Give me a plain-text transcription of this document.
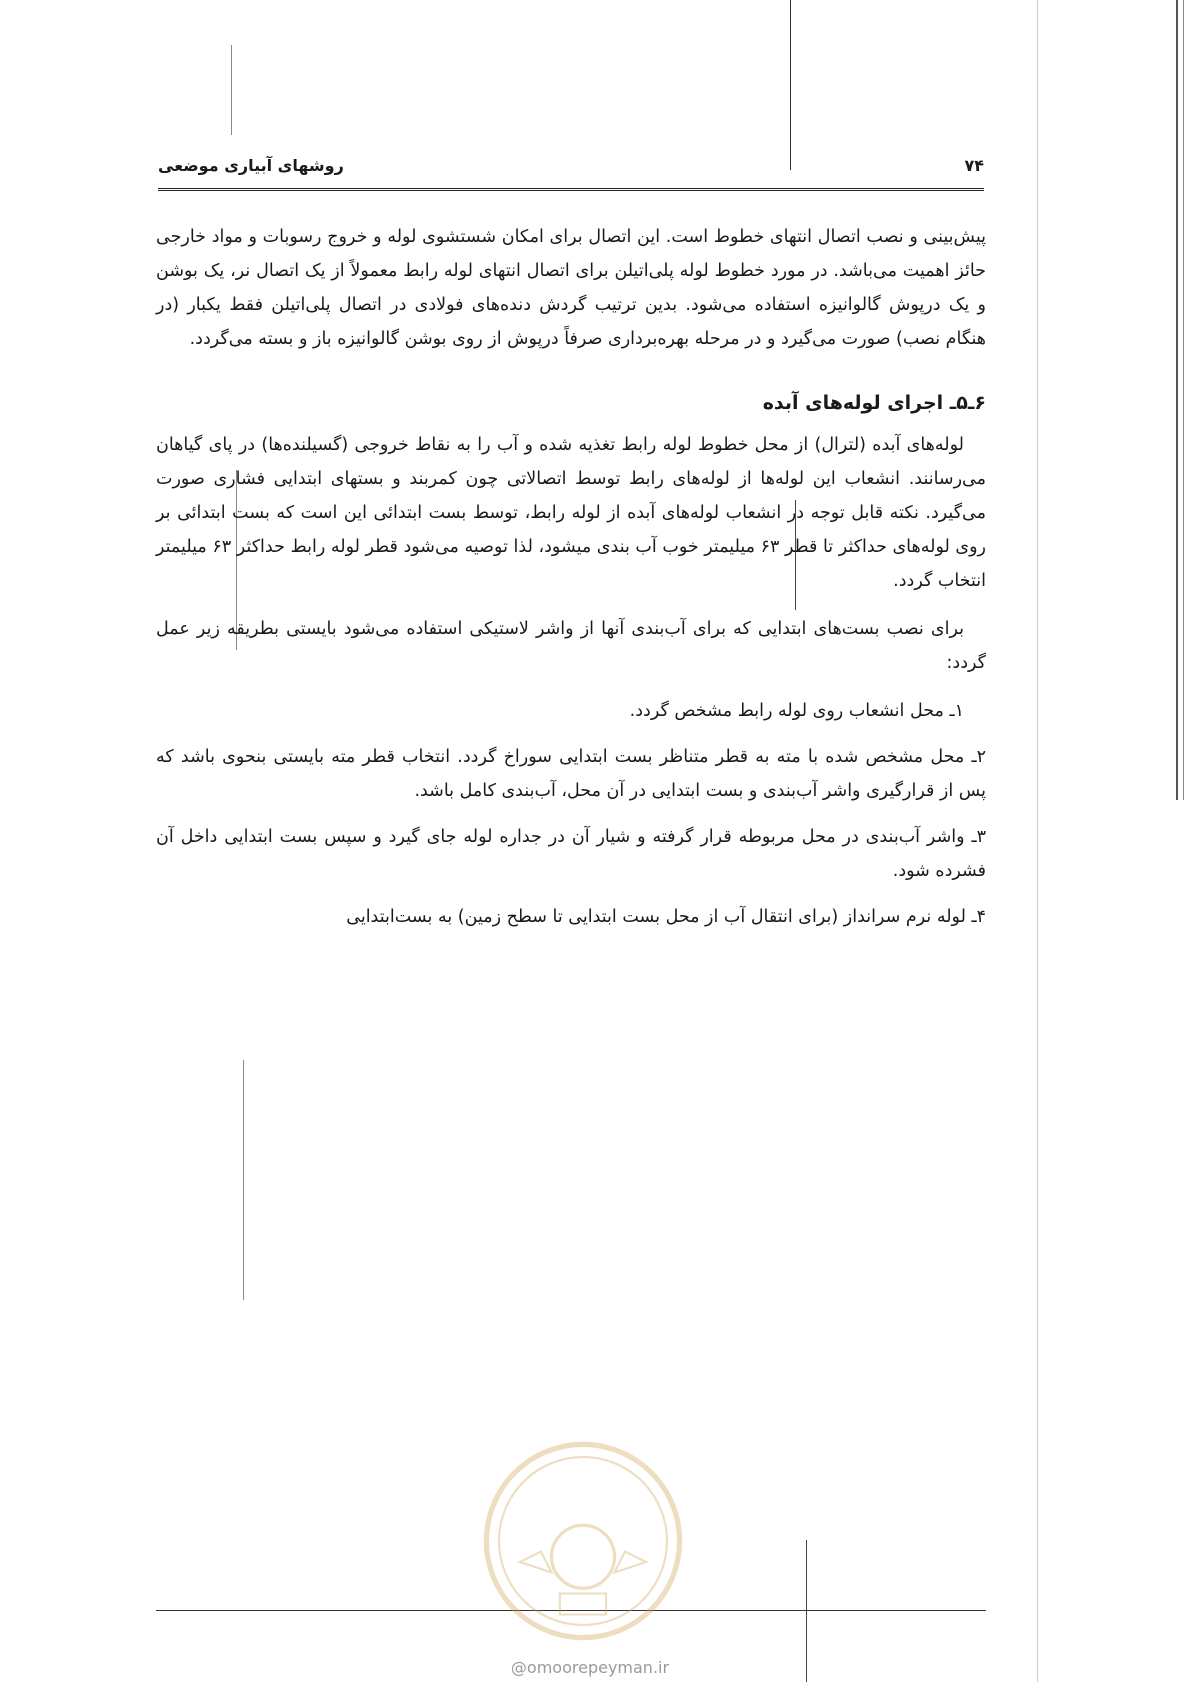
۷۴
روشهای آبیاری موضعی

پیش‌بینی و نصب اتصال انتهای خطوط است. این اتصال برای امکان شستشوی لوله و خروج رسوبات و مواد خارجی حائز اهمیت می‌باشد. در مورد خطوط لوله پلی‌اتیلن برای اتصال انتهای لوله رابط معمولاً از یک اتصال نر، یک بوشن و یک درپوش گالوانیزه استفاده می‌شود. بدین ترتیب گردش دنده‌های فولادی در اتصال پلی‌اتیلن فقط یکبار (در هنگام نصب) صورت می‌گیرد و در مرحله بهره‌برداری صرفاً درپوش از روی بوشن گالوانیزه باز و بسته می‌گردد.

۶ـ۵ـ اجرای لوله‌های آبده

لوله‌های آبده (لترال) از محل خطوط لوله رابط تغذیه شده و آب را به نقاط خروجی (گسیلنده‌ها) در پای گیاهان می‌رسانند. انشعاب این لوله‌ها از لوله‌های رابط توسط اتصالاتی چون کمربند و بستهای ابتدایی فشاری صورت می‌گیرد. نکته قابل توجه در انشعاب لوله‌های آبده از لوله رابط، توسط بست ابتدائی این است که بست ابتدائی بر روی لوله‌های حداکثر تا قطر ۶۳ میلیمتر خوب آب بندی میشود، لذا توصیه می‌شود قطر لوله رابط حداکثر ۶۳ میلیمتر انتخاب گردد.

برای نصب بست‌های ابتدایی که برای آب‌بندی آنها از واشر لاستیکی استفاده می‌شود بایستی بطریقه زیر عمل گردد:

۱ـ محل انشعاب روی لوله رابط مشخص گردد.

۲ـ محل مشخص شده با مته به قطر متناظر بست ابتدایی سوراخ گردد. انتخاب قطر مته بایستی بنحوی باشد که پس از قرارگیری واشر آب‌بندی و بست ابتدایی در آن محل، آب‌بندی کامل باشد.

۳ـ واشر آب‌بندی در محل مربوطه قرار گرفته و شیار آن در جداره لوله جای گیرد و سپس بست ابتدایی داخل آن فشرده شود.

۴ـ لوله نرم سرانداز (برای انتقال آب از محل بست ابتدایی تا سطح زمین) به بست‌ابتدایی

@omoorepeyman.ir
